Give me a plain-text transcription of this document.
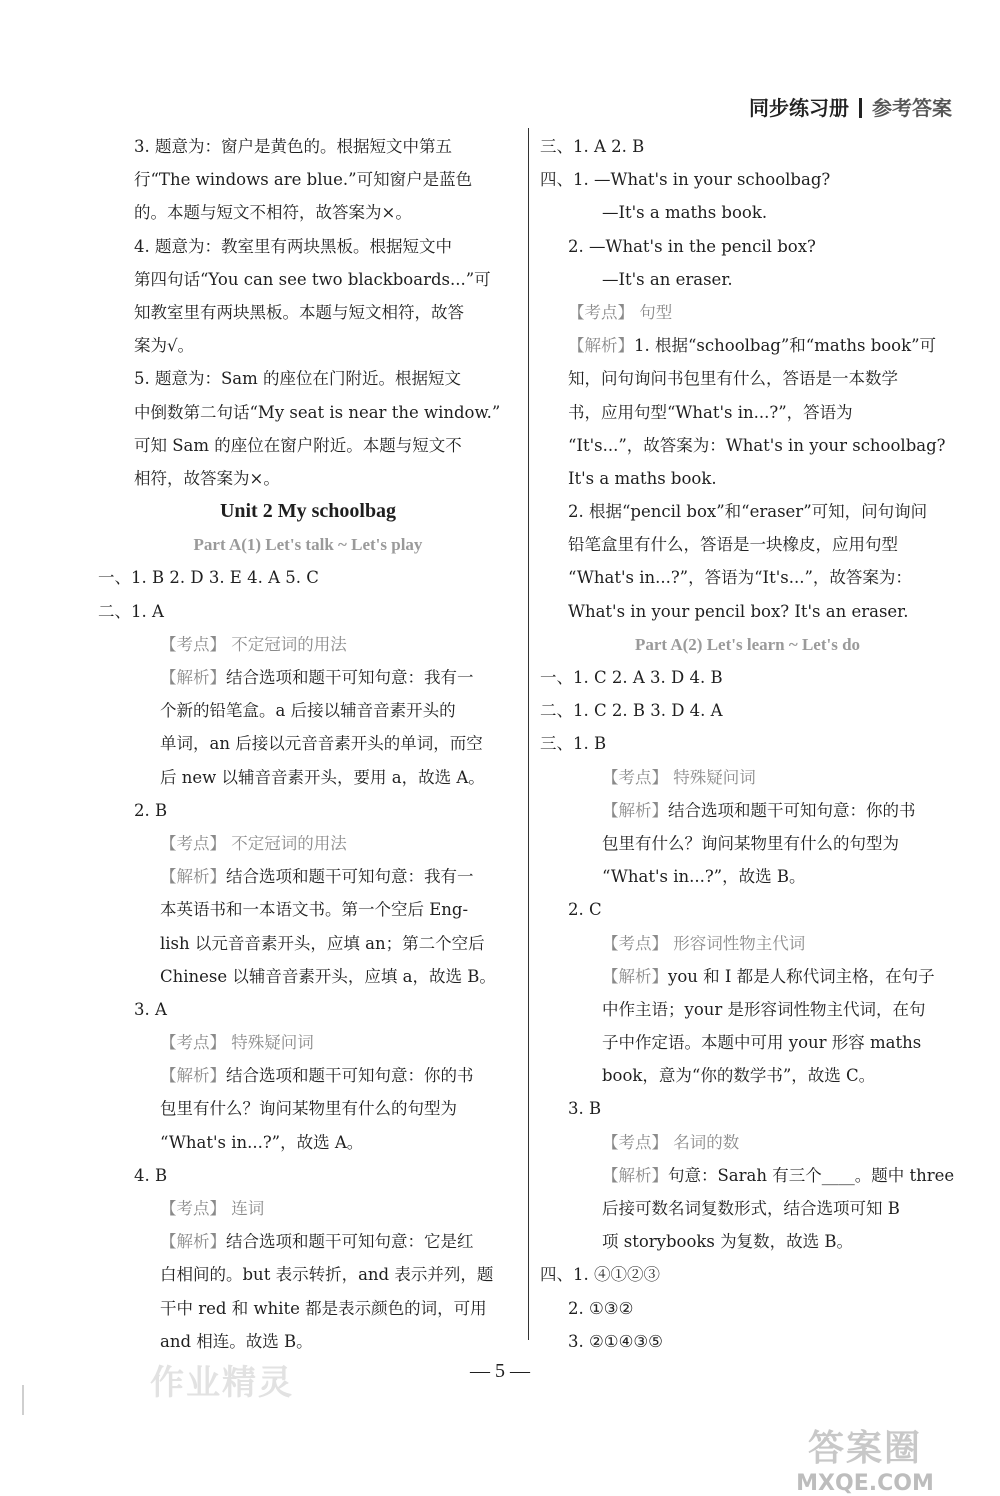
同步练习册 参考答案
3. 题意为：窗户是黄色的。根据短文中第五
行“The windows are blue.”可知窗户是蓝色
的。本题与短文不相符，故答案为×。
4. 题意为：教室里有两块黑板。根据短文中
第四句话“You can see two blackboards...”可
知教室里有两块黑板。本题与短文相符，故答
案为√。
5. 题意为：Sam 的座位在门附近。根据短文
中倒数第二句话“My seat is near the window.”
可知 Sam 的座位在窗户附近。本题与短文不
相符，故答案为×。
Unit 2 My schoolbag
Part A(1) Let's talk ~ Let's play
一、1. B 2. D 3. E 4. A 5. C
二、1. A
【考点】 不定冠词的用法
【解析】结合选项和题干可知句意：我有一
个新的铅笔盒。a 后接以辅音音素开头的
单词，an 后接以元音音素开头的单词，而空
后 new 以辅音音素开头，要用 a，故选 A。
2. B
【考点】 不定冠词的用法
【解析】结合选项和题干可知句意：我有一
本英语书和一本语文书。第一个空后 Eng-
lish 以元音音素开头，应填 an；第二个空后
Chinese 以辅音音素开头，应填 a，故选 B。
3. A
【考点】 特殊疑问词
【解析】结合选项和题干可知句意：你的书
包里有什么？询问某物里有什么的句型为
“What's in...?”，故选 A。
4. B
【考点】 连词
【解析】结合选项和题干可知句意：它是红
白相间的。but 表示转折，and 表示并列，题
干中 red 和 white 都是表示颜色的词，可用
and 相连。故选 B。
三、1. A 2. B
四、1. —What's in your schoolbag?
—It's a maths book.
2. —What's in the pencil box?
—It's an eraser.
【考点】 句型
【解析】1. 根据“schoolbag”和“maths book”可
知，问句询问书包里有什么，答语是一本数学
书，应用句型“What's in...?”，答语为
“It's...”，故答案为：What's in your schoolbag?
It's a maths book.
2. 根据“pencil box”和“eraser”可知，问句询问
铅笔盒里有什么，答语是一块橡皮，应用句型
“What's in...?”，答语为“It's...”，故答案为：
What's in your pencil box? It's an eraser.
Part A(2) Let's learn ~ Let's do
一、1. C 2. A 3. D 4. B
二、1. C 2. B 3. D 4. A
三、1. B
【考点】 特殊疑问词
【解析】结合选项和题干可知句意：你的书
包里有什么？询问某物里有什么的句型为
“What's in...?”，故选 B。
2. C
【考点】 形容词性物主代词
【解析】you 和 I 都是人称代词主格，在句子
中作主语；your 是形容词性物主代词，在句
子中作定语。本题中可用 your 形容 maths
book，意为“你的数学书”，故选 C。
3. B
【考点】 名词的数
【解析】句意：Sarah 有三个____。题中 three
后接可数名词复数形式，结合选项可知 B
项 storybooks 为复数，故选 B。
四、1. ④①②③
2. ①③②
3. ②①④③⑤
作业精灵	— 5 —
答案圈
MXQE.COM
